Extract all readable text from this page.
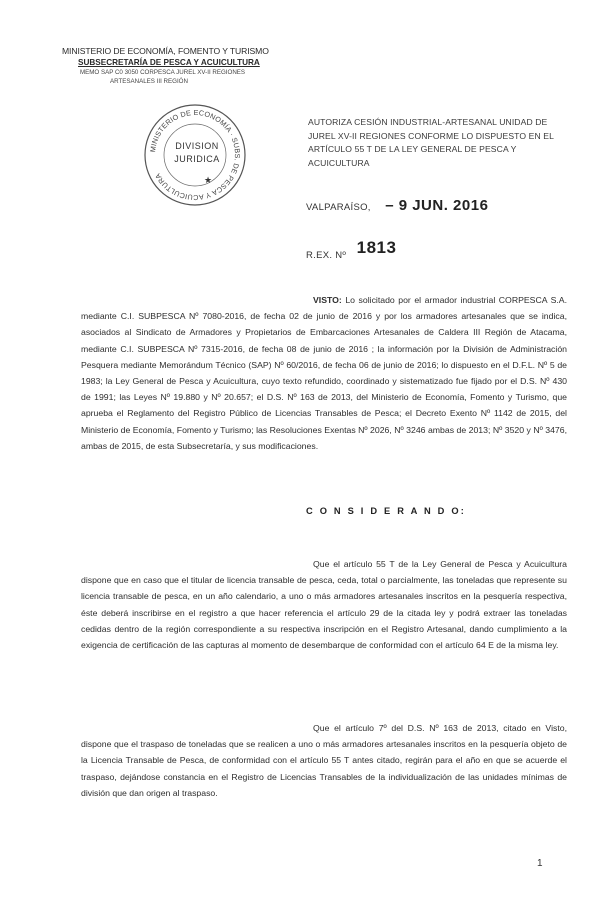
MINISTERIO DE ECONOMÍA, FOMENTO Y TURISMO
SUBSECRETARÍA DE PESCA Y ACUICULTURA
MEMO SAP C0 3050 CORPESCA JUREL XV-II REGIONES
ARTESANALES III REGIÓN
MINISTERIO DE ECONOMÍA · SUBS. DE PESCA Y ACUICULTURA
DIVISION
JURIDICA
★
AUTORIZA CESIÓN INDUSTRIAL-ARTESANAL UNIDAD DE JUREL XV-II REGIONES CONFORME LO DISPUESTO EN EL ARTÍCULO 55 T DE LA LEY GENERAL DE PESCA Y ACUICULTURA
VALPARAÍSO, – 9 JUN. 2016
R.EX. Nº 1813
VISTO: Lo solicitado por el armador industrial CORPESCA S.A. mediante C.I. SUBPESCA Nº 7080-2016, de fecha 02 de junio de 2016 y por los armadores artesanales que se indica, asociados al Sindicato de Armadores y Propietarios de Embarcaciones Artesanales de Caldera III Región de Atacama, mediante C.I. SUBPESCA Nº 7315-2016, de fecha 08 de junio de 2016 ; la información por la División de Administración Pesquera mediante Memorándum Técnico (SAP) Nº 60/2016, de fecha 06 de junio de 2016; lo dispuesto en el D.F.L. Nº 5 de 1983; la Ley General de Pesca y Acuicultura, cuyo texto refundido, coordinado y sistematizado fue fijado por el D.S. Nº 430 de 1991; las Leyes Nº 19.880 y Nº 20.657; el D.S. Nº 163 de 2013, del Ministerio de Economía, Fomento y Turismo, que aprueba el Reglamento del Registro Público de Licencias Transables de Pesca; el Decreto Exento Nº 1142 de 2015, del Ministerio de Economía, Fomento y Turismo; las Resoluciones Exentas Nº 2026, Nº 3246 ambas de 2013; Nº 3520 y Nº 3476, ambas de 2015, de esta Subsecretaría, y sus modificaciones.
C O N S I D E R A N D O:
Que el artículo 55 T de la Ley General de Pesca y Acuicultura dispone que en caso que el titular de licencia transable de pesca, ceda, total o parcialmente, las toneladas que represente su licencia transable de pesca, en un año calendario, a uno o más armadores artesanales inscritos en la pesquería respectiva, éste deberá inscribirse en el registro a que hacer referencia el artículo 29 de la citada ley y podrá extraer las toneladas cedidas dentro de la región correspondiente a su respectiva inscripción en el Registro Artesanal, dando cumplimiento a la exigencia de certificación de las capturas al momento de desembarque de conformidad con el artículo 64 E de la misma ley.
Que el artículo 7º del D.S. Nº 163 de 2013, citado en Visto, dispone que el traspaso de toneladas que se realicen a uno o más armadores artesanales inscritos en la pesquería objeto de la Licencia Transable de Pesca, de conformidad con el artículo 55 T antes citado, regirán para el año en que se acuerde el traspaso, dejándose constancia en el Registro de Licencias Transables de la individualización de las unidades mínimas de división que dan origen al traspaso.
1
